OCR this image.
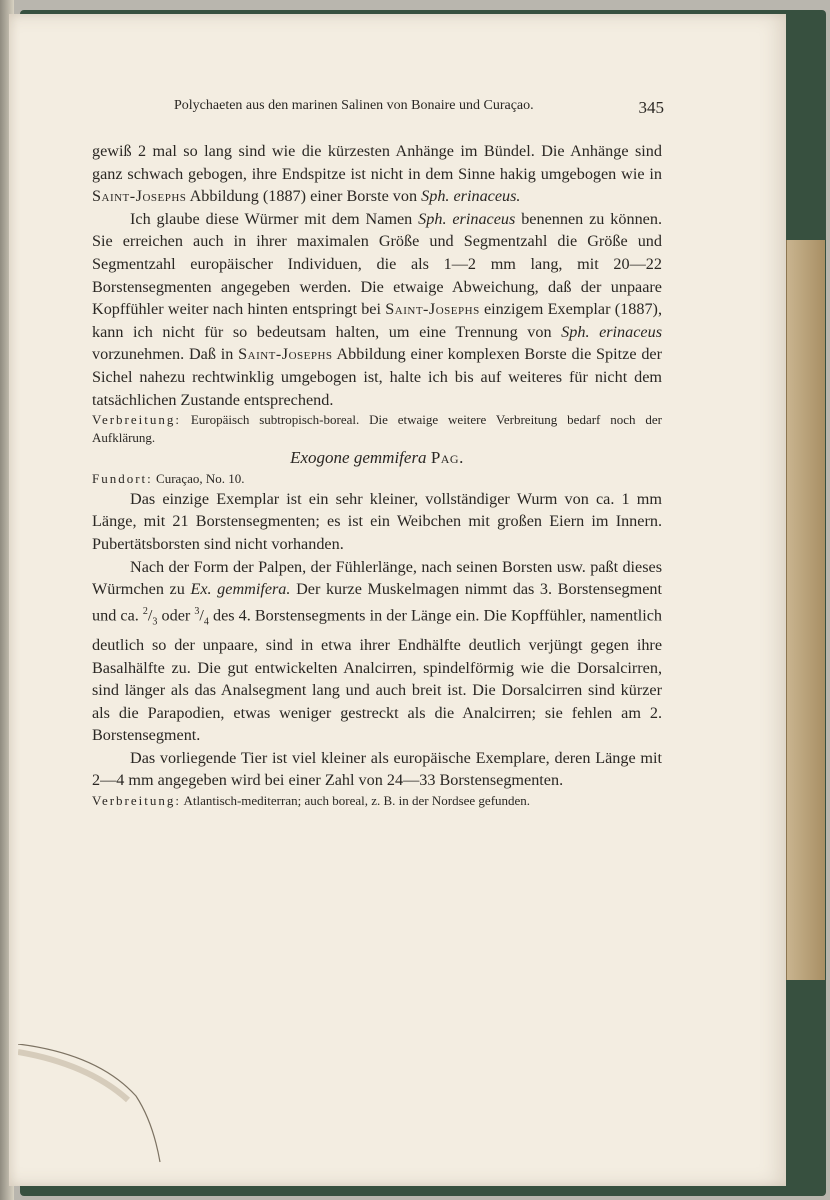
Polychaeten aus den marinen Salinen von Bonaire und Curaçao.	345

gewiß 2 mal so lang sind wie die kürzesten Anhänge im Bündel. Die Anhänge sind ganz schwach gebogen, ihre Endspitze ist nicht in dem Sinne hakig umgebogen wie in Saint-Josephs Abbildung (1887) einer Borste von Sph. erinaceus.

Ich glaube diese Würmer mit dem Namen Sph. erinaceus benennen zu können. Sie erreichen auch in ihrer maximalen Größe und Segmentzahl die Größe und Segmentzahl europäischer Individuen, die als 1—2 mm lang, mit 20—22 Borstensegmenten angegeben werden. Die etwaige Abweichung, daß der unpaare Kopffühler weiter nach hinten entspringt bei Saint-Josephs einzigem Exemplar (1887), kann ich nicht für so bedeutsam halten, um eine Trennung von Sph. erinaceus vorzunehmen. Daß in Saint-Josephs Abbildung einer komplexen Borste die Spitze der Sichel nahezu rechtwinklig umgebogen ist, halte ich bis auf weiteres für nicht dem tatsächlichen Zustande entsprechend.

Verbreitung: Europäisch subtropisch-boreal. Die etwaige weitere Verbreitung bedarf noch der Aufklärung.

Exogone gemmifera Pag.

Fundort: Curaçao, No. 10.

Das einzige Exemplar ist ein sehr kleiner, vollständiger Wurm von ca. 1 mm Länge, mit 21 Borstensegmenten; es ist ein Weibchen mit großen Eiern im Innern. Pubertätsborsten sind nicht vorhanden.

Nach der Form der Palpen, der Fühlerlänge, nach seinen Borsten usw. paßt dieses Würmchen zu Ex. gemmifera. Der kurze Muskelmagen nimmt das 3. Borstensegment und ca. $^2/_3$ oder $^3/_4$ des 4. Borstensegments in der Länge ein. Die Kopffühler, namentlich deutlich so der unpaare, sind in etwa ihrer Endhälfte deutlich verjüngt gegen ihre Basalhälfte zu. Die gut entwickelten Analcirren, spindelförmig wie die Dorsalcirren, sind länger als das Analsegment lang und auch breit ist. Die Dorsalcirren sind kürzer als die Parapodien, etwas weniger gestreckt als die Analcirren; sie fehlen am 2. Borstensegment.

Das vorliegende Tier ist viel kleiner als europäische Exemplare, deren Länge mit 2—4 mm angegeben wird bei einer Zahl von 24—33 Borstensegmenten.

Verbreitung: Atlantisch-mediterran; auch boreal, z. B. in der Nordsee gefunden.
